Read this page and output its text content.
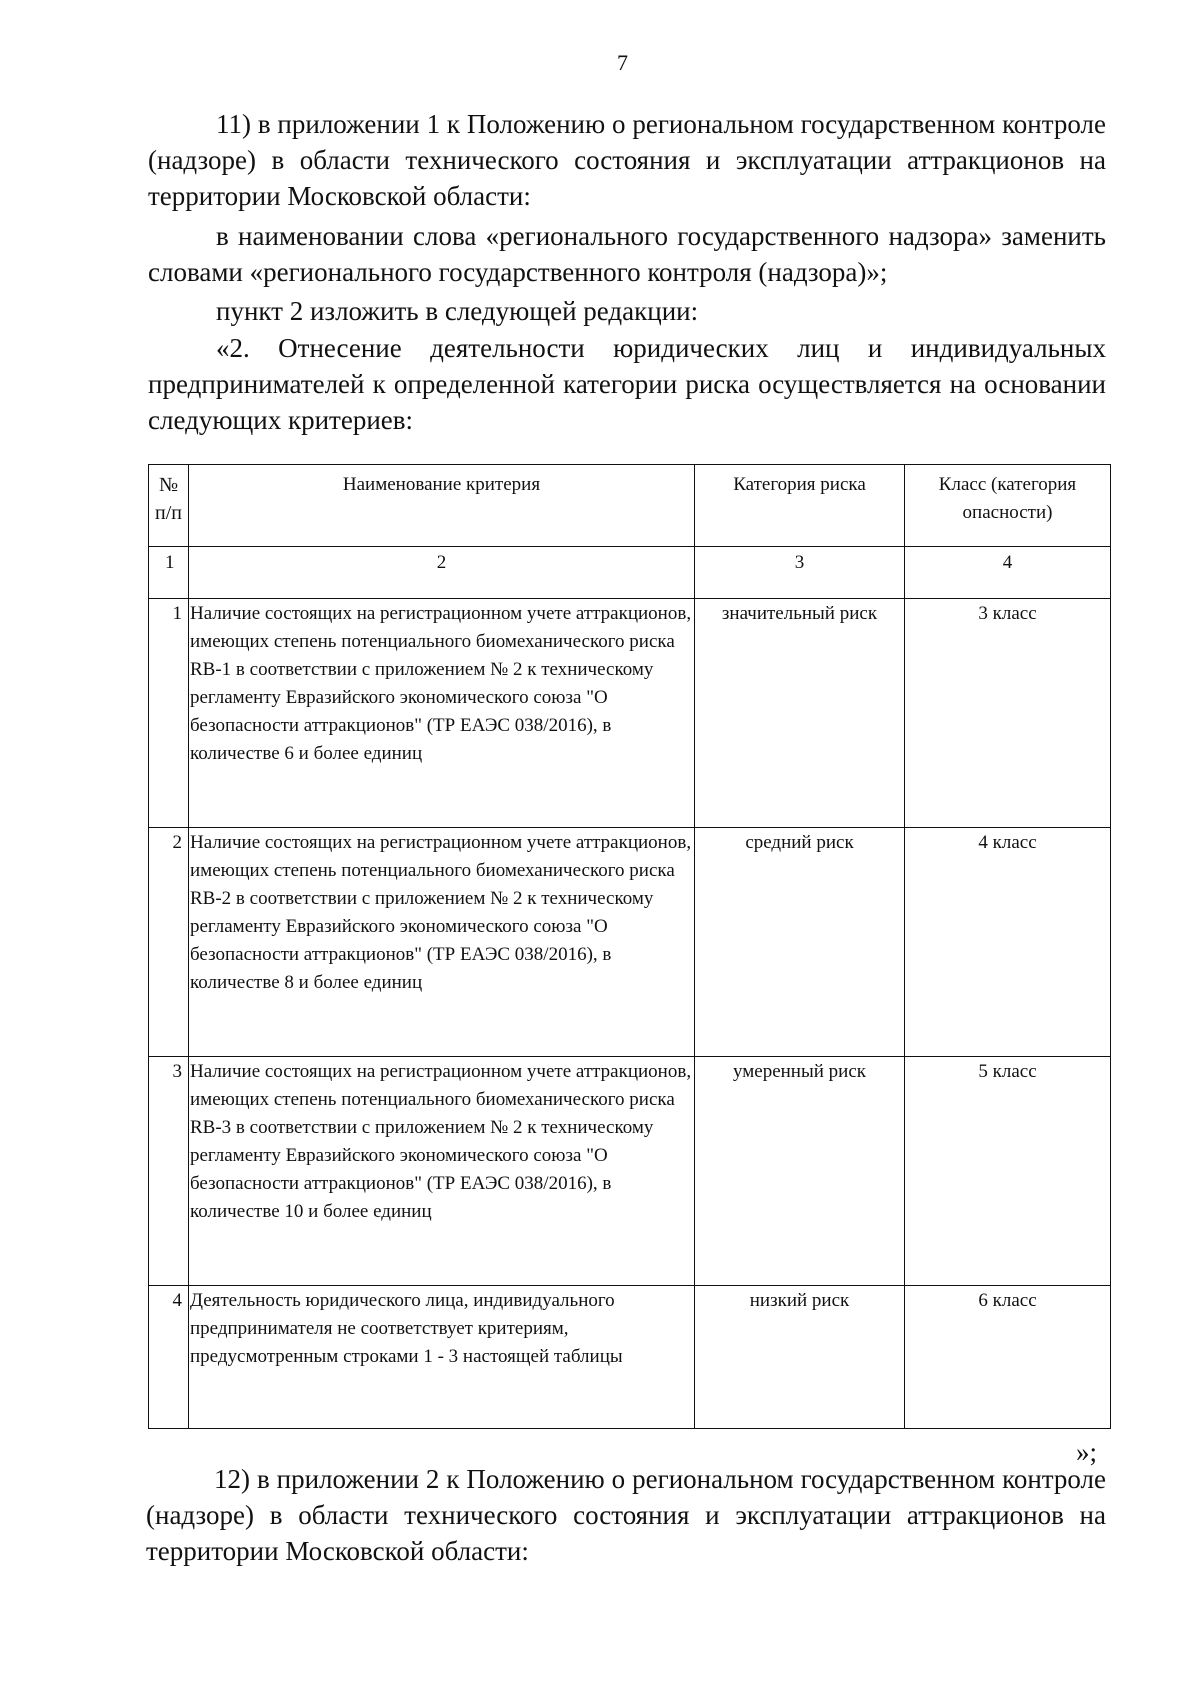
7

11) в приложении 1 к Положению о региональном государственном контроле (надзоре) в области технического состояния и эксплуатации аттракционов на территории Московской области:

в наименовании слова «регионального государственного надзора» заменить словами «регионального государственного контроля (надзора)»;

пункт 2 изложить в следующей редакции:

«2. Отнесение деятельности юридических лиц и индивидуальных предпринимателей к определенной категории риска осуществляется на основании следующих критериев:

№ п/п	Наименование критерия	Категория риска	Класс (категория опасности)
1	2	3	4
1	Наличие состоящих на регистрационном учете аттракционов, имеющих степень потенциального биомеханического риска RB-1 в соответствии с приложением № 2 к техническому регламенту Евразийского экономического союза "О безопасности аттракционов" (ТР ЕАЭС 038/2016), в количестве 6 и более единиц	значительный риск	3 класс
2	Наличие состоящих на регистрационном учете аттракционов, имеющих степень потенциального биомеханического риска RB-2 в соответствии с приложением № 2 к техническому регламенту Евразийского экономического союза "О безопасности аттракционов" (ТР ЕАЭС 038/2016), в количестве 8 и более единиц	средний риск	4 класс
3	Наличие состоящих на регистрационном учете аттракционов, имеющих степень потенциального биомеханического риска RB-3 в соответствии с приложением № 2 к техническому регламенту Евразийского экономического союза "О безопасности аттракционов" (ТР ЕАЭС 038/2016), в количестве 10 и более единиц	умеренный риск	5 класс
4	Деятельность юридического лица, индивидуального предпринимателя не соответствует критериям, предусмотренным строками 1 - 3 настоящей таблицы	низкий риск	6 класс

»;

12) в приложении 2 к Положению о региональном государственном контроле (надзоре) в области технического состояния и эксплуатации аттракционов на территории Московской области:
